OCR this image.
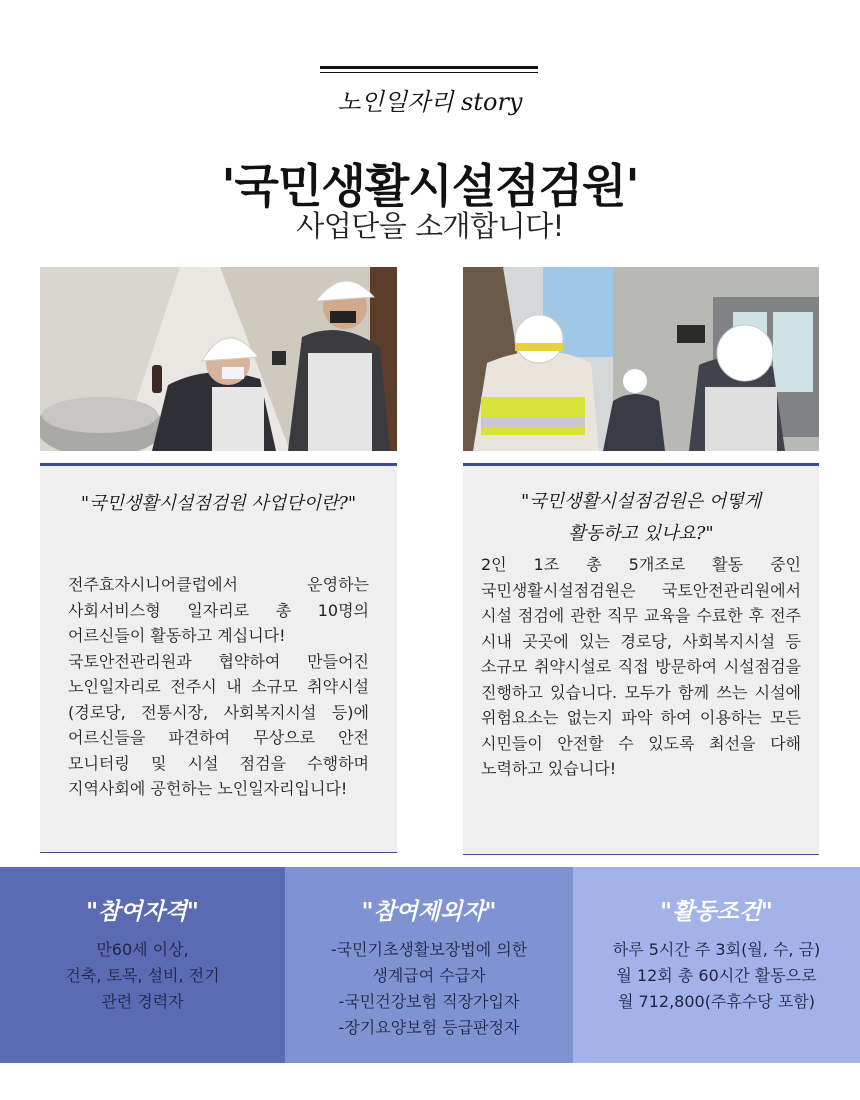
노인일자리 story
'국민생활시설점검원'
사업단을 소개합니다!
"국민생활시설점검원 사업단이란?"
전주효자시니어클럽에서 운영하는 사회서비스형 일자리로 총 10명의 어르신들이 활동하고 계십니다!
국토안전관리원과 협약하여 만들어진 노인일자리로 전주시 내 소규모 취약시설(경로당, 전통시장, 사회복지시설 등)에 어르신들을 파견하여 무상으로 안전 모니터링 및 시설 점검을 수행하며 지역사회에 공헌하는 노인일자리입니다!
"국민생활시설점검원은 어떻게
활동하고 있나요?"
2인 1조 총 5개조로 활동 중인 국민생활시설점검원은 국토안전관리원에서 시설 점검에 관한 직무 교육을 수료한 후 전주 시내 곳곳에 있는 경로당, 사회복지시설 등 소규모 취약시설로 직접 방문하여 시설점검을 진행하고 있습니다. 모두가 함께 쓰는 시설에 위험요소는 없는지 파악 하여 이용하는 모든 시민들이 안전할 수 있도록 최선을 다해 노력하고 있습니다!
"참여자격"
만60세 이상,
건축, 토목, 설비, 전기
관련 경력자
"참여제외자"
-국민기초생활보장법에 의한
생계급여 수급자
-국민건강보험 직장가입자
-장기요양보험 등급판정자
"활동조건"
하루 5시간 주 3회(월, 수, 금)
월 12회 총 60시간 활동으로
월 712,800(주휴수당 포함)
